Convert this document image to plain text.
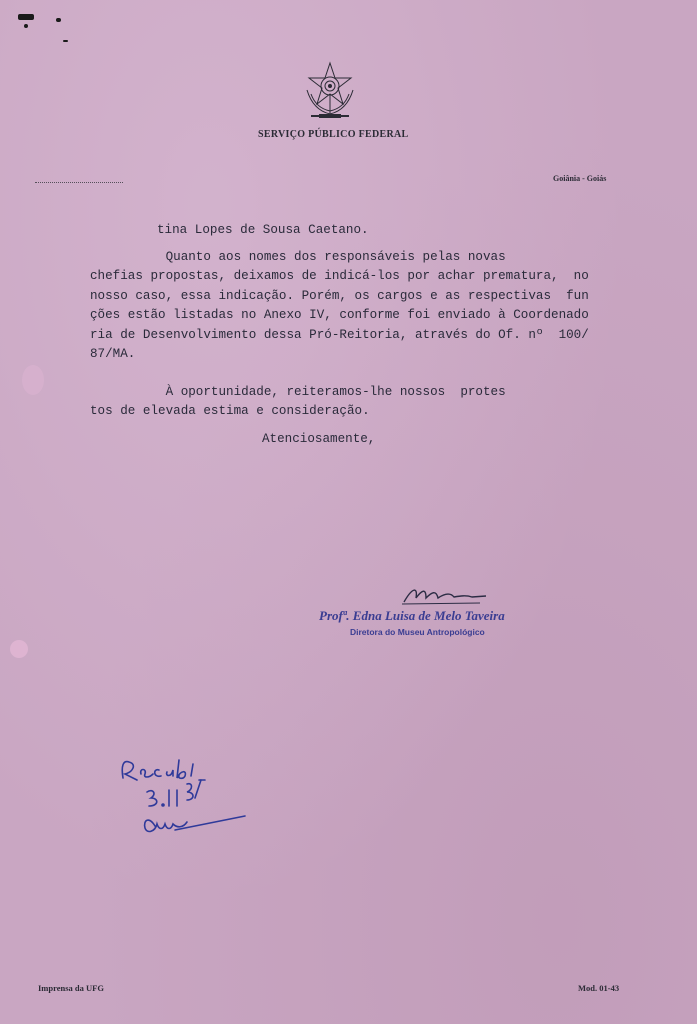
SERVIÇO PÚBLICO FEDERAL
Goiânia - Goiás
tina Lopes de Sousa Caetano.
Quanto aos nomes dos responsáveis pelas novas
chefias propostas, deixamos de indicá-los por achar prematura,  no
nosso caso, essa indicação. Porém, os cargos e as respectivas  fun
ções estão listadas no Anexo IV, conforme foi enviado à Coordenado
ria de Desenvolvimento dessa Pró-Reitoria, através do Of. nº  100/
87/MA.
À oportunidade, reiteramos-lhe nossos  protes
tos de elevada estima e consideração.
Atenciosamente,
Profª. Edna Luisa de Melo Taveira
Diretora do Museu Antropológico
Imprensa da UFG	Mod. 01-43
